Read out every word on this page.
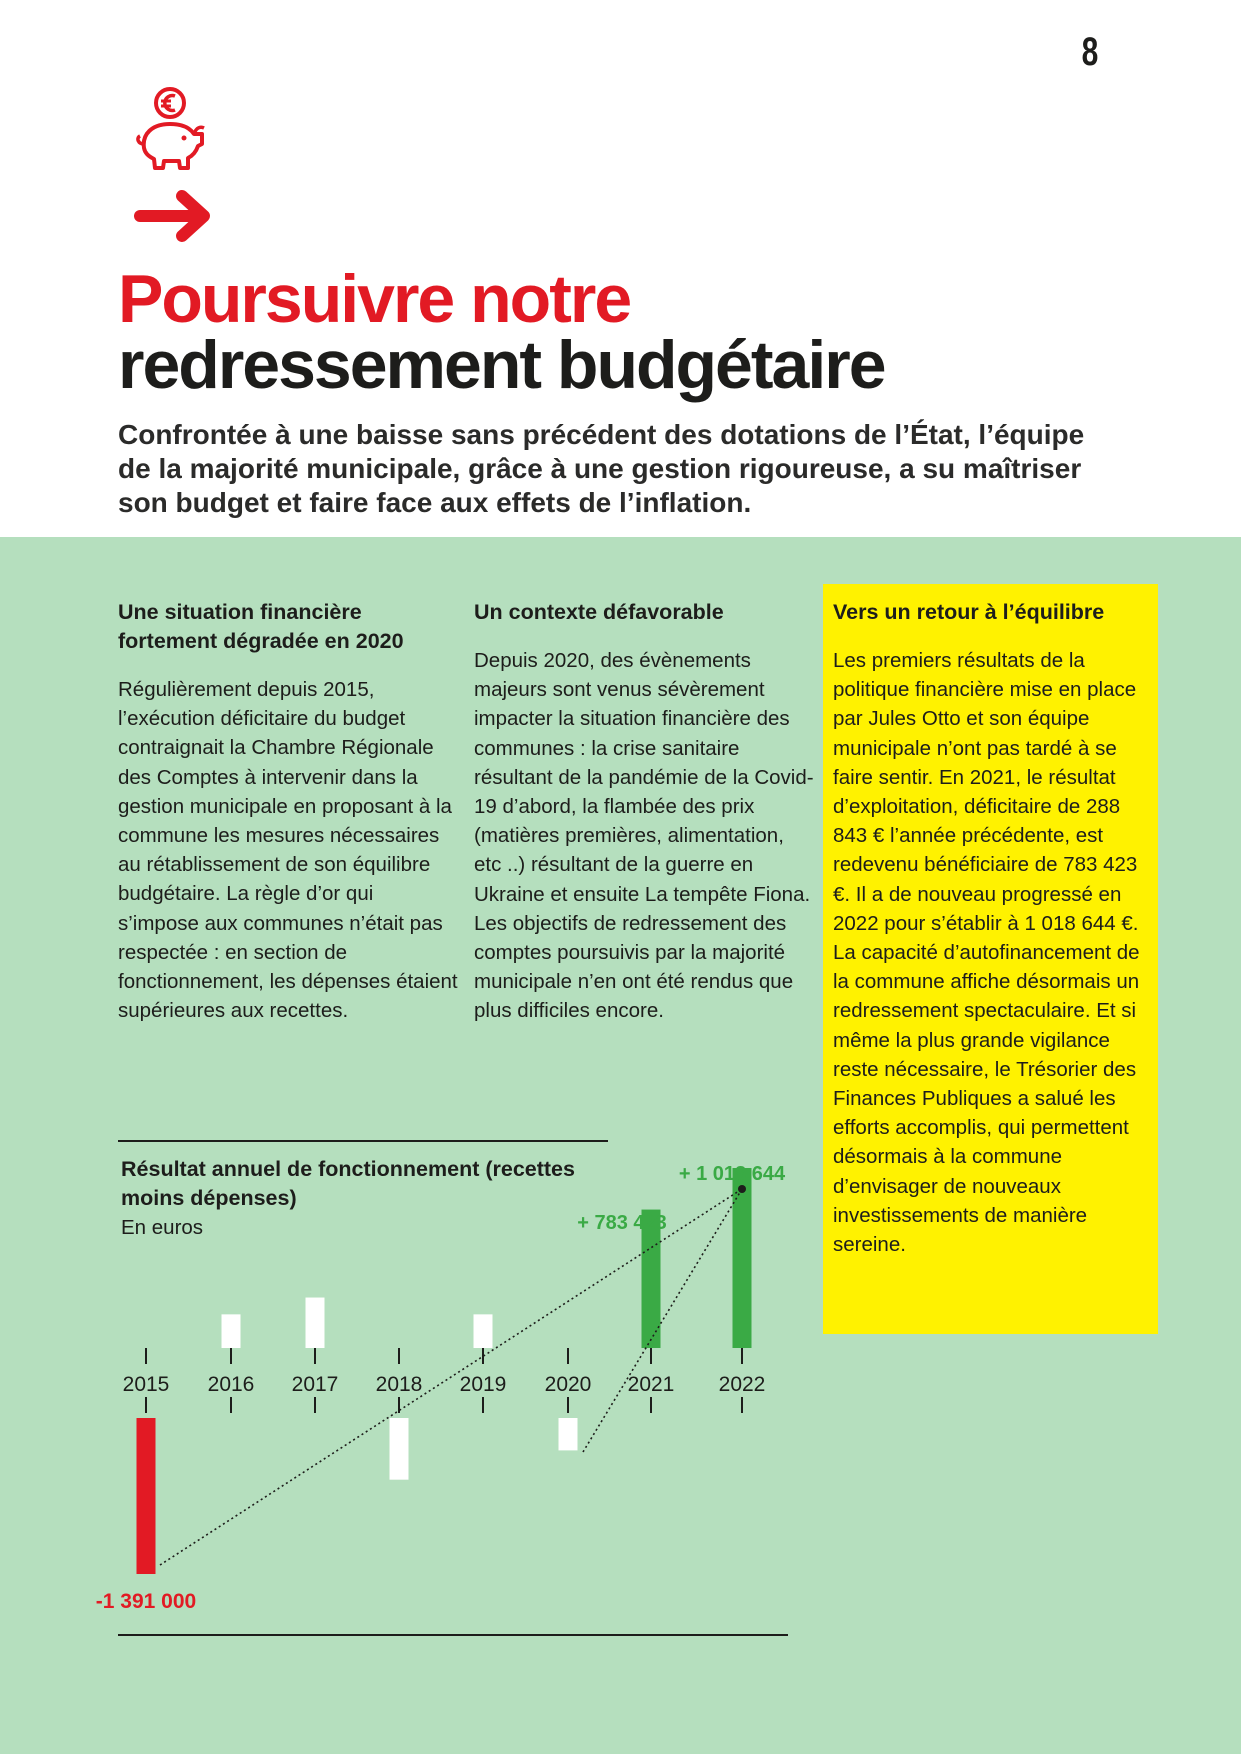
8
Poursuivre notre
redressement budgétaire

Confrontée à une baisse sans précédent des dotations de l’État, l’équipe de la majorité municipale, grâce à une gestion rigoureuse, a su maîtriser son budget et faire face aux effets de l’inflation.

Une situation financière fortement dégradée en 2020

Régulièrement depuis 2015, l’exécution déficitaire du budget contraignait la Chambre Régionale des Comptes à intervenir dans la gestion municipale en proposant à la commune les mesures nécessaires au rétablissement de son équilibre budgétaire. La règle d’or qui s’impose aux communes n’était pas respectée : en section de fonctionnement, les dépenses étaient supérieures aux recettes.

Un contexte défavorable

Depuis 2020, des évènements majeurs sont venus sévèrement impacter la situation financière des communes : la crise sanitaire résultant de la pandémie de la Covid-19 d’abord, la flambée des prix (matières premières, alimentation, etc ..) résultant de la guerre en Ukraine et ensuite La tempête Fiona. Les objectifs de redressement des comptes poursuivis par la majorité municipale n’en ont été rendus que plus difficiles encore.

Vers un retour à l’équilibre

Les premiers résultats de la politique financière mise en place par Jules Otto et son équipe municipale n’ont pas tardé à se faire sentir. En 2021, le résultat d’exploitation, déficitaire de 288 843 € l’année précédente, est redevenu bénéficiaire de 783 423 €. Il a de nouveau progressé en 2022 pour s’établir à 1 018 644 €. La capacité d’autofinancement de la commune affiche désormais un redressement spectaculaire. Et si même la plus grande vigilance reste nécessaire, le Trésorier des Finances Publiques a salué les efforts accomplis, qui permettent désormais à la commune d’envisager de nouveaux investissements de manière sereine.

Résultat annuel de fonctionnement (recettes moins dépenses)
En euros
2015 2016 2017 2018 2019 2020 2021 2022
-1 391 000
+ 783 423
+ 1 018 644
